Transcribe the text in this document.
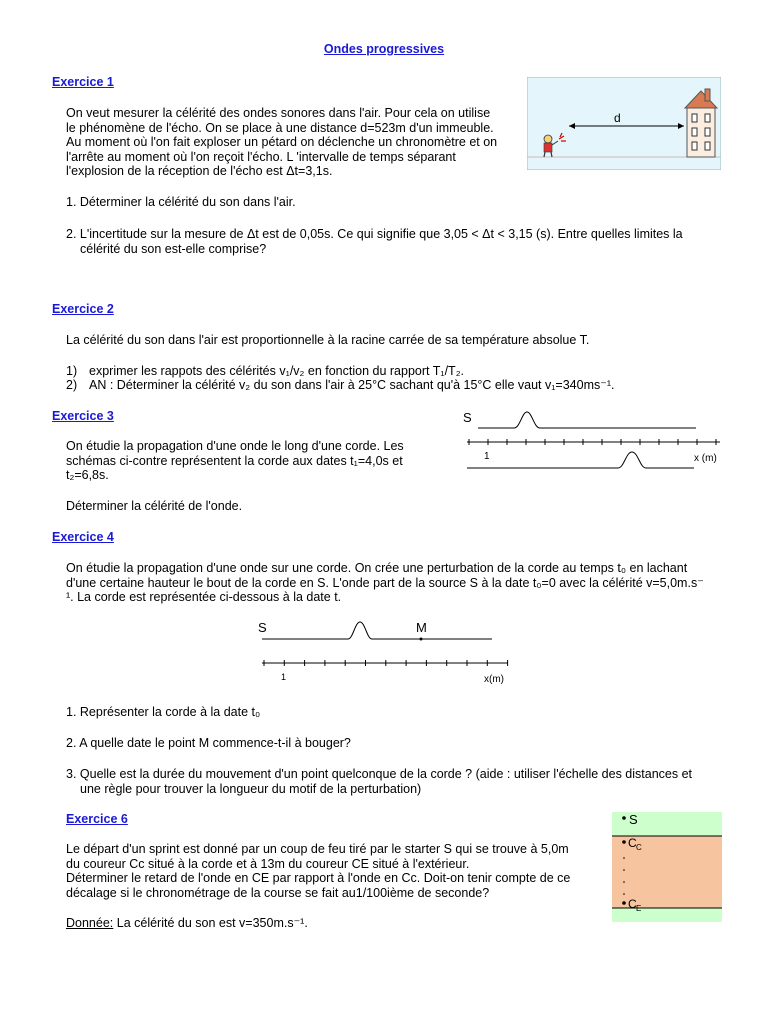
Ondes progressives
Exercice 1
On veut mesurer la célérité des ondes sonores dans l'air. Pour cela on utilise
le phénomène de l'écho. On se place à une distance d=523m d'un immeuble.
Au moment où l'on fait exploser un pétard on déclenche un chronomètre et on
l'arrête au moment où l'on reçoit l'écho. L 'intervalle de temps séparant
l'explosion de la réception de l'écho est Δt=3,1s.
d
1. Déterminer la célérité du son dans l'air.
2. L'incertitude sur la mesure de Δt est de 0,05s. Ce qui signifie que 3,05 < Δt < 3,15 (s). Entre quelles limites la
célérité du son est-elle comprise?
Exercice 2
La célérité du son dans l'air est proportionnelle à la racine carrée de sa température absolue T.
1) exprimer les rappots des célérités v₁/v₂ en fonction du rapport T₁/T₂.
2) AN : Déterminer la célérité v₂ du son dans l'air à 25°C sachant qu'à 15°C elle vaut v₁=340ms⁻¹.
Exercice 3
On étudie la propagation d'une onde le long d'une corde. Les
schémas ci-contre représentent la corde aux dates t₁=4,0s et
t₂=6,8s.
Déterminer la célérité de l'onde.
S
1	x (m)
Exercice 4
On étudie la propagation d'une onde sur une corde. On crée une perturbation de la corde au temps t₀ en lachant
d'une certaine hauteur le bout de la corde en S. L'onde part de la source S à la date t₀=0 avec la célérité v=5,0m.s⁻
¹. La corde est représentée ci-dessous à la date t.
S	M
1	x(m)
1. Représenter la corde à la date t₀
2. A quelle date le point M commence-t-il à bouger?
3. Quelle est la durée du mouvement d'un point quelconque de la corde ? (aide : utiliser l'échelle des distances et
une règle pour trouver la longueur du motif de la perturbation)
Exercice 6
Le départ d'un sprint est donné par un coup de feu tiré par le starter S qui se trouve à 5,0m
du coureur Cc situé à la corde et à 13m du coureur CE situé à l'extérieur.
Déterminer le retard de l'onde en CE par rapport à l'onde en Cc. Doit-on tenir compte de ce
décalage si le chronométrage de la course se fait au1/100ième de seconde?
Donnée: La célérité du son est v=350m.s⁻¹.
S
C C
C E
